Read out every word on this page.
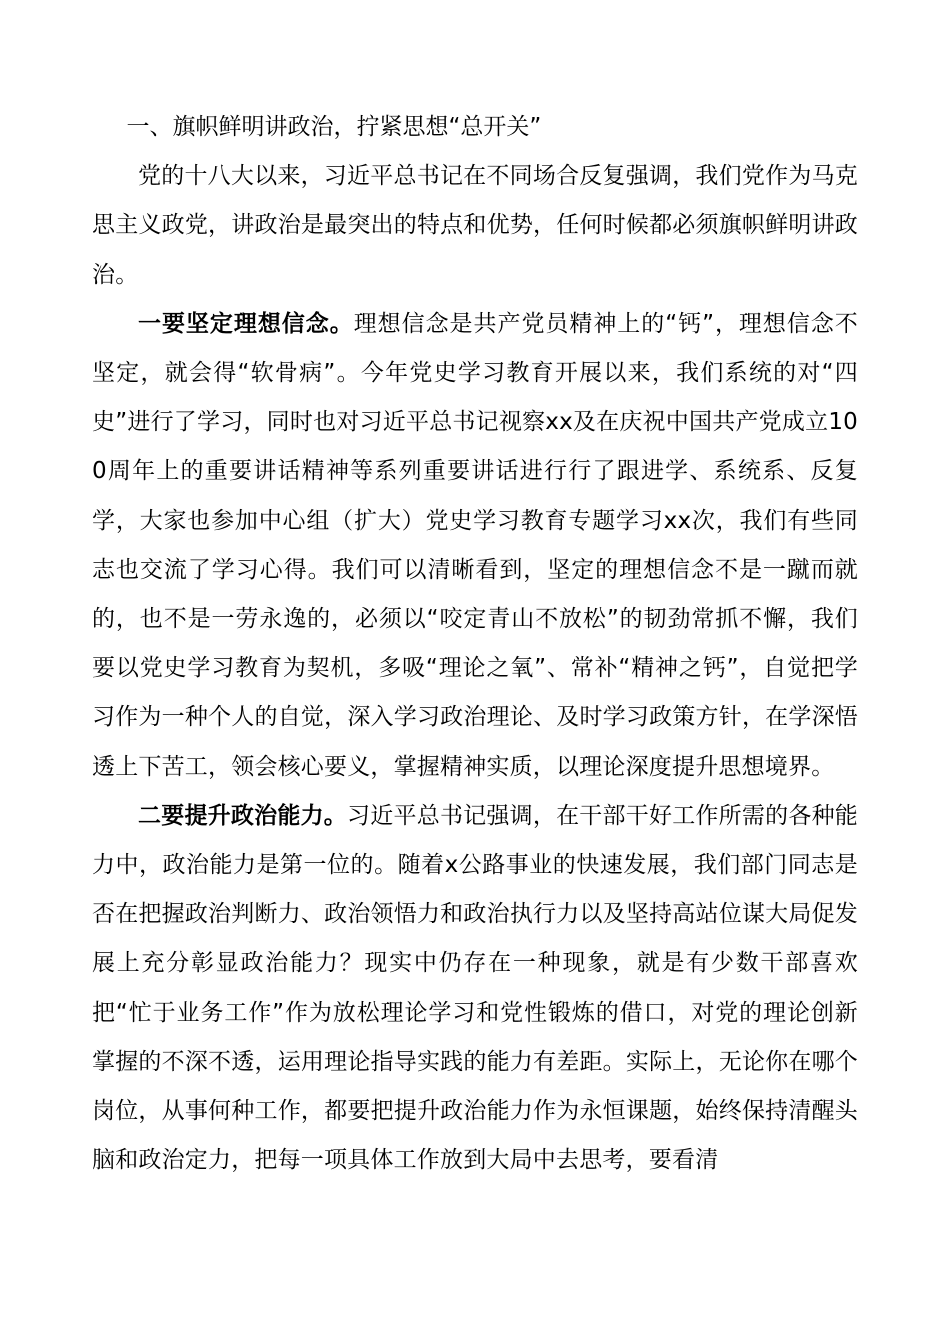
一、旗帜鲜明讲政治，拧紧思想“总开关”

党的十八大以来，习近平总书记在不同场合反复强调，我们党作为马克思主义政党，讲政治是最突出的特点和优势，任何时候都必须旗帜鲜明讲政治。

一要坚定理想信念。理想信念是共产党员精神上的“钙”，理想信念不坚定，就会得“软骨病”。今年党史学习教育开展以来，我们系统的对“四史”进行了学习，同时也对习近平总书记视察xx及在庆祝中国共产党成立100周年上的重要讲话精神等系列重要讲话进行行了跟进学、系统系、反复学，大家也参加中心组（扩大）党史学习教育专题学习xx次，我们有些同志也交流了学习心得。我们可以清晰看到，坚定的理想信念不是一蹴而就的，也不是一劳永逸的，必须以“咬定青山不放松”的韧劲常抓不懈，我们要以党史学习教育为契机，多吸“理论之氧”、常补“精神之钙”，自觉把学习作为一种个人的自觉，深入学习政治理论、及时学习政策方针，在学深悟透上下苦工，领会核心要义，掌握精神实质，以理论深度提升思想境界。

二要提升政治能力。习近平总书记强调，在干部干好工作所需的各种能力中，政治能力是第一位的。随着x公路事业的快速发展，我们部门同志是否在把握政治判断力、政治领悟力和政治执行力以及坚持高站位谋大局促发展上充分彰显政治能力？现实中仍存在一种现象，就是有少数干部喜欢把“忙于业务工作”作为放松理论学习和党性锻炼的借口，对党的理论创新掌握的不深不透，运用理论指导实践的能力有差距。实际上，无论你在哪个岗位，从事何种工作，都要把提升政治能力作为永恒课题，始终保持清醒头脑和政治定力，把每一项具体工作放到大局中去思考，要看清
